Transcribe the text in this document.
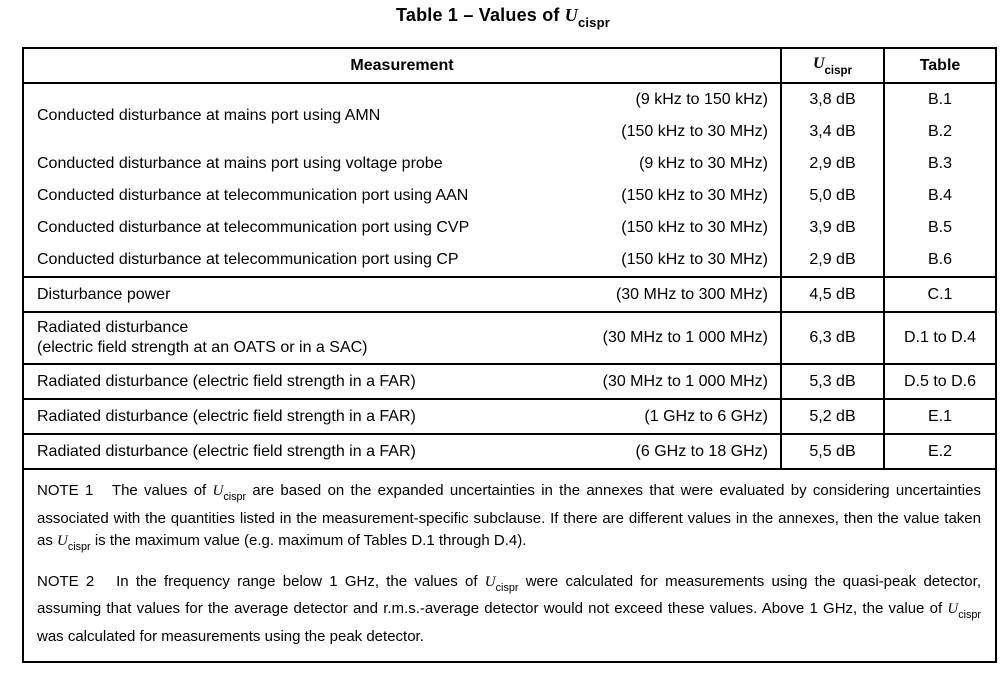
Table 1 – Values of $U_{cispr}$
Measurement		$U_{cispr}$	Table
Conducted disturbance at mains port using AMN	(9 kHz to 150 kHz)	3,8 dB	B.1
	(150 kHz to 30 MHz)	3,4 dB	B.2
Conducted disturbance at mains port using voltage probe	(9 kHz to 30 MHz)	2,9 dB	B.3
Conducted disturbance at telecommunication port using AAN	(150 kHz to 30 MHz)	5,0 dB	B.4
Conducted disturbance at telecommunication port using CVP	(150 kHz to 30 MHz)	3,9 dB	B.5
Conducted disturbance at telecommunication port using CP	(150 kHz to 30 MHz)	2,9 dB	B.6
Disturbance power	(30 MHz to 300 MHz)	4,5 dB	C.1

Radiated disturbance
(electric field strength at an OATS or in a SAC)	(30 MHz to 1 000 MHz)	6,3 dB	D.1 to D.4
Radiated disturbance (electric field strength in a FAR)	(30 MHz to 1 000 MHz)	5,3 dB	D.5 to D.6
Radiated disturbance (electric field strength in a FAR)	(1 GHz to 6 GHz)	5,2 dB	E.1
Radiated disturbance (electric field strength in a FAR)	(6 GHz to 18 GHz)	5,5 dB	E.2

NOTE 1   The values of $U_{cispr}$ are based on the expanded uncertainties in the annexes that were evaluated by considering uncertainties associated with the quantities listed in the measurement-specific subclause. If there are different values in the annexes, then the value taken as $U_{cispr}$ is the maximum value (e.g. maximum of Tables D.1 through D.4).

NOTE 2   In the frequency range below 1 GHz, the values of $U_{cispr}$ were calculated for measurements using the quasi-peak detector, assuming that values for the average detector and r.m.s.-average detector would not exceed these values. Above 1 GHz, the value of $U_{cispr}$ was calculated for measurements using the peak detector.			
